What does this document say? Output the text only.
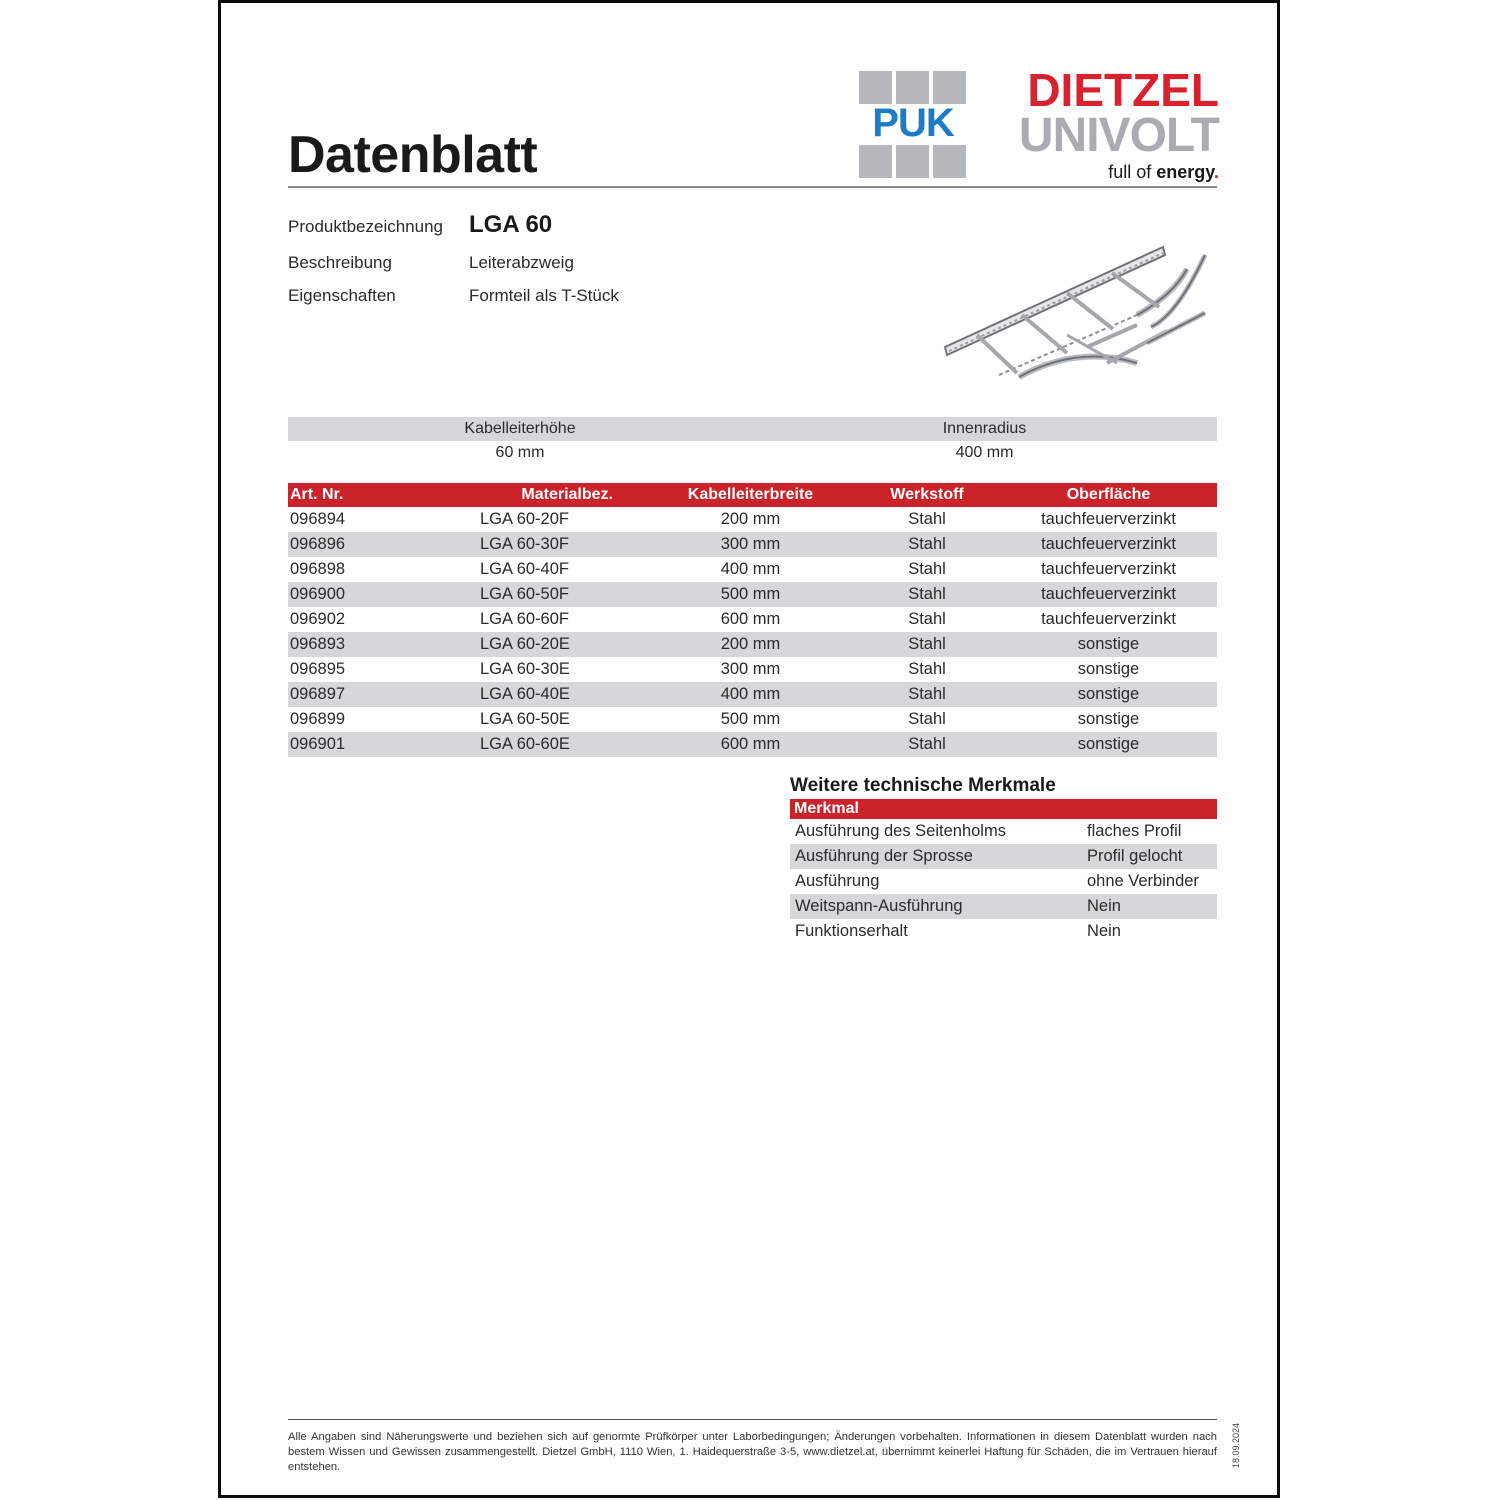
Datenblatt
PUK
DIETZEL
UNIVOLT
full of energy.
Produktbezeichnung	LGA 60
Beschreibung	Leiterabzweig
Eigenschaften	Formteil als T-Stück
Kabelleiterhöhe	Innenradius
60 mm	400 mm
Art. Nr.	Materialbez.	Kabelleiterbreite	Werkstoff	Oberfläche
096894	LGA 60-20F	200 mm	Stahl	tauchfeuerverzinkt
096896	LGA 60-30F	300 mm	Stahl	tauchfeuerverzinkt
096898	LGA 60-40F	400 mm	Stahl	tauchfeuerverzinkt
096900	LGA 60-50F	500 mm	Stahl	tauchfeuerverzinkt
096902	LGA 60-60F	600 mm	Stahl	tauchfeuerverzinkt
096893	LGA 60-20E	200 mm	Stahl	sonstige
096895	LGA 60-30E	300 mm	Stahl	sonstige
096897	LGA 60-40E	400 mm	Stahl	sonstige
096899	LGA 60-50E	500 mm	Stahl	sonstige
096901	LGA 60-60E	600 mm	Stahl	sonstige
Weitere technische Merkmale
Merkmal
Ausführung des Seitenholms	flaches Profil
Ausführung der Sprosse	Profil gelocht
Ausführung	ohne Verbinder
Weitspann-Ausführung	Nein
Funktionserhalt	Nein
Alle Angaben sind Näherungswerte und beziehen sich auf genormte Prüfkörper unter Laborbedingungen; Änderungen vorbehalten. Informationen in diesem Datenblatt wurden nach bestem Wissen und Gewissen zusammengestellt. Dietzel GmbH, 1110 Wien, 1. Haidequerstraße 3-5, www.dietzel.at, übernimmt keinerlei Haftung für Schäden, die im Vertrauen hierauf entstehen.	18.09.2024
